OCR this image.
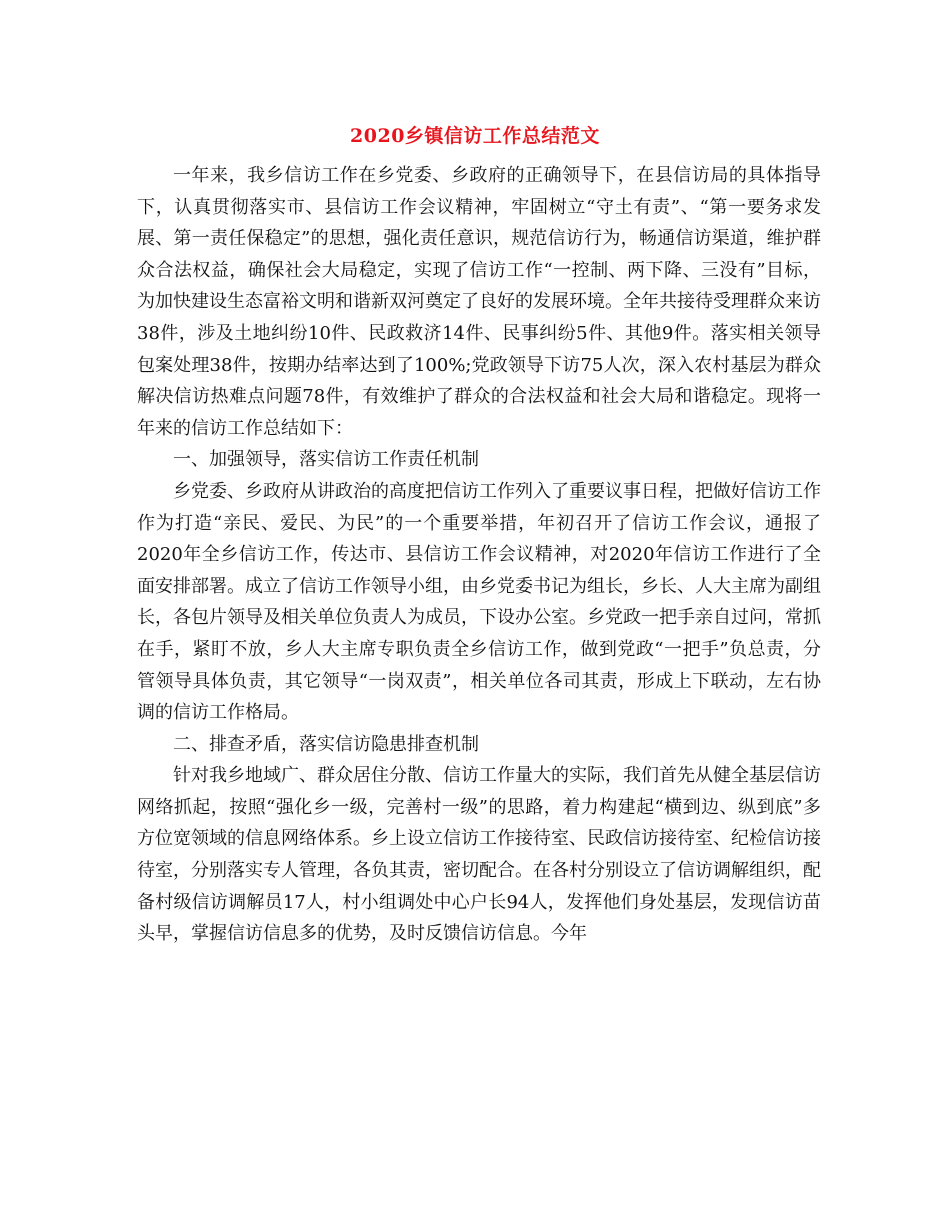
2020乡镇信访工作总结范文

一年来，我乡信访工作在乡党委、乡政府的正确领导下，在县信访局的具体指导下，认真贯彻落实市、县信访工作会议精神，牢固树立“守土有责”、“第一要务求发展、第一责任保稳定”的思想，强化责任意识，规范信访行为，畅通信访渠道，维护群众合法权益，确保社会大局稳定，实现了信访工作“一控制、两下降、三没有”目标，为加快建设生态富裕文明和谐新双河奠定了良好的发展环境。全年共接待受理群众来访38件，涉及土地纠纷10件、民政救济14件、民事纠纷5件、其他9件。落实相关领导包案处理38件，按期办结率达到了100%;党政领导下访75人次，深入农村基层为群众解决信访热难点问题78件，有效维护了群众的合法权益和社会大局和谐稳定。现将一年来的信访工作总结如下：

一、加强领导，落实信访工作责任机制

乡党委、乡政府从讲政治的高度把信访工作列入了重要议事日程，把做好信访工作作为打造“亲民、爱民、为民”的一个重要举措，年初召开了信访工作会议，通报了2020年全乡信访工作，传达市、县信访工作会议精神，对2020年信访工作进行了全面安排部署。成立了信访工作领导小组，由乡党委书记为组长，乡长、人大主席为副组长，各包片领导及相关单位负责人为成员，下设办公室。乡党政一把手亲自过问，常抓在手，紧盯不放，乡人大主席专职负责全乡信访工作，做到党政“一把手”负总责，分管领导具体负责，其它领导“一岗双责”，相关单位各司其责，形成上下联动，左右协调的信访工作格局。

二、排查矛盾，落实信访隐患排查机制

针对我乡地域广、群众居住分散、信访工作量大的实际，我们首先从健全基层信访网络抓起，按照“强化乡一级，完善村一级”的思路，着力构建起“横到边、纵到底”多方位宽领域的信息网络体系。乡上设立信访工作接待室、民政信访接待室、纪检信访接待室，分别落实专人管理，各负其责，密切配合。在各村分别设立了信访调解组织，配备村级信访调解员17人，村小组调处中心户长94人，发挥他们身处基层，发现信访苗头早，掌握信访信息多的优势，及时反馈信访信息。今年
